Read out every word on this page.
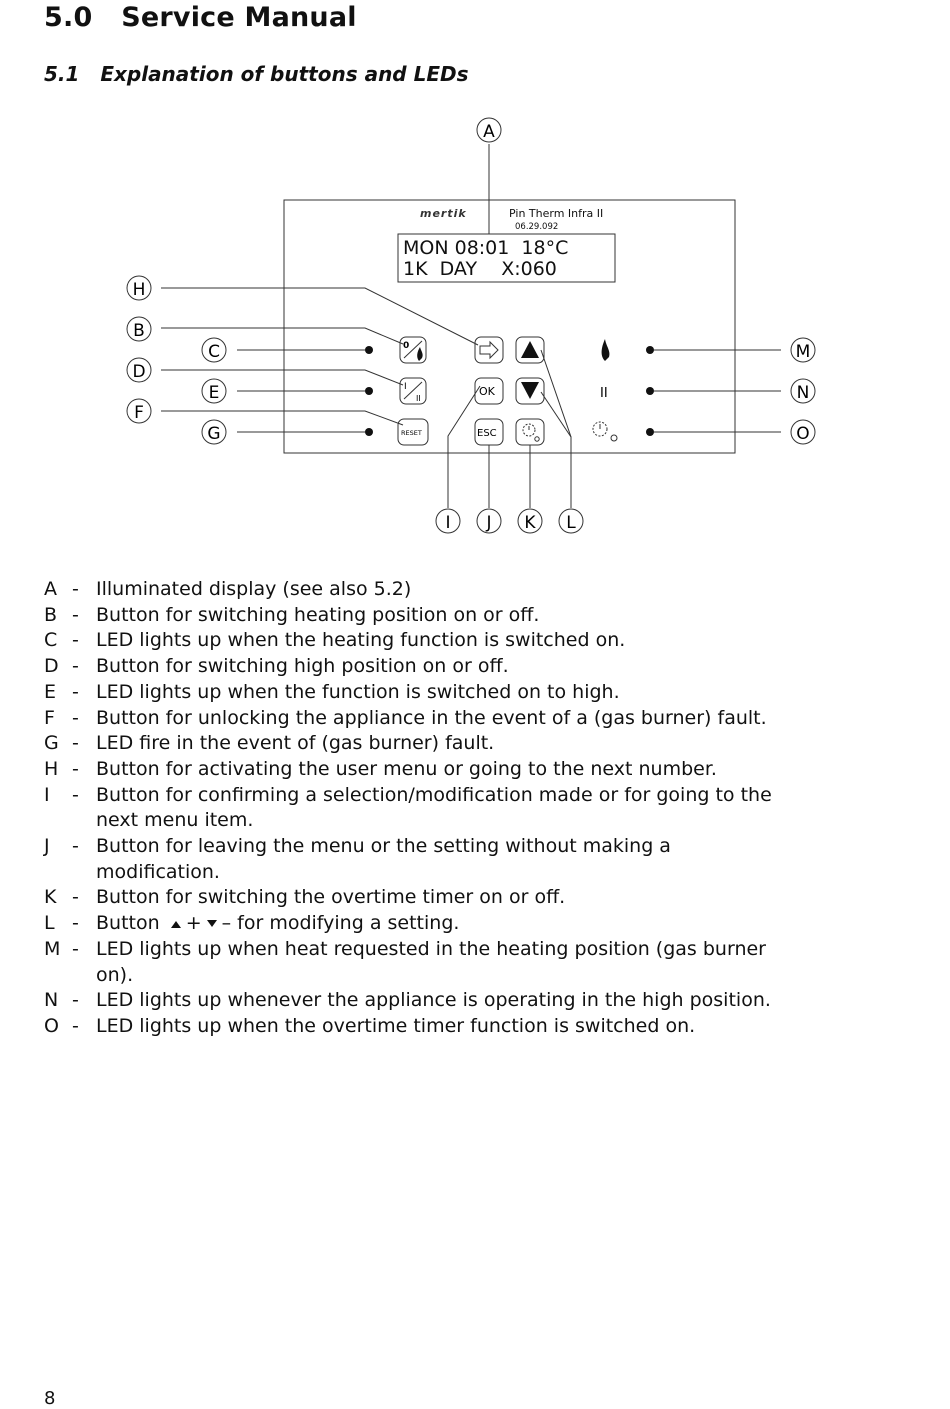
5.0 Service Manual
5.1 Explanation of buttons and LEDs
mertik	Pin Therm Infra II
06.29.092
MON 08:01  18°C
1K  DAY    X:060
0
I
II
RESET
OK
ESC
II
A
H
B
D
F
C
E
G
M
N
O
I J K L
A - Illuminated display (see also 5.2)
B - Button for switching heating position on or off.
C - LED lights up when the heating function is switched on.
D - Button for switching high position on or off.
E - LED lights up when the function is switched on to high.
F - Button for unlocking the appliance in the event of a (gas burner) fault.
G - LED fire in the event of (gas burner) fault.
H - Button for activating the user menu or going to the next number.
I	- Button for confirming a selection/modification made or for going to the next menu item.
J	- Button for leaving the menu or the setting without making a modification.
K - Button for switching the overtime timer on or off.
L - Button + – for modifying a setting.
M - LED lights up when heat requested in the heating position (gas burner on).
N - LED lights up whenever the appliance is operating in the high position.
O - LED lights up when the overtime timer function is switched on.
8
